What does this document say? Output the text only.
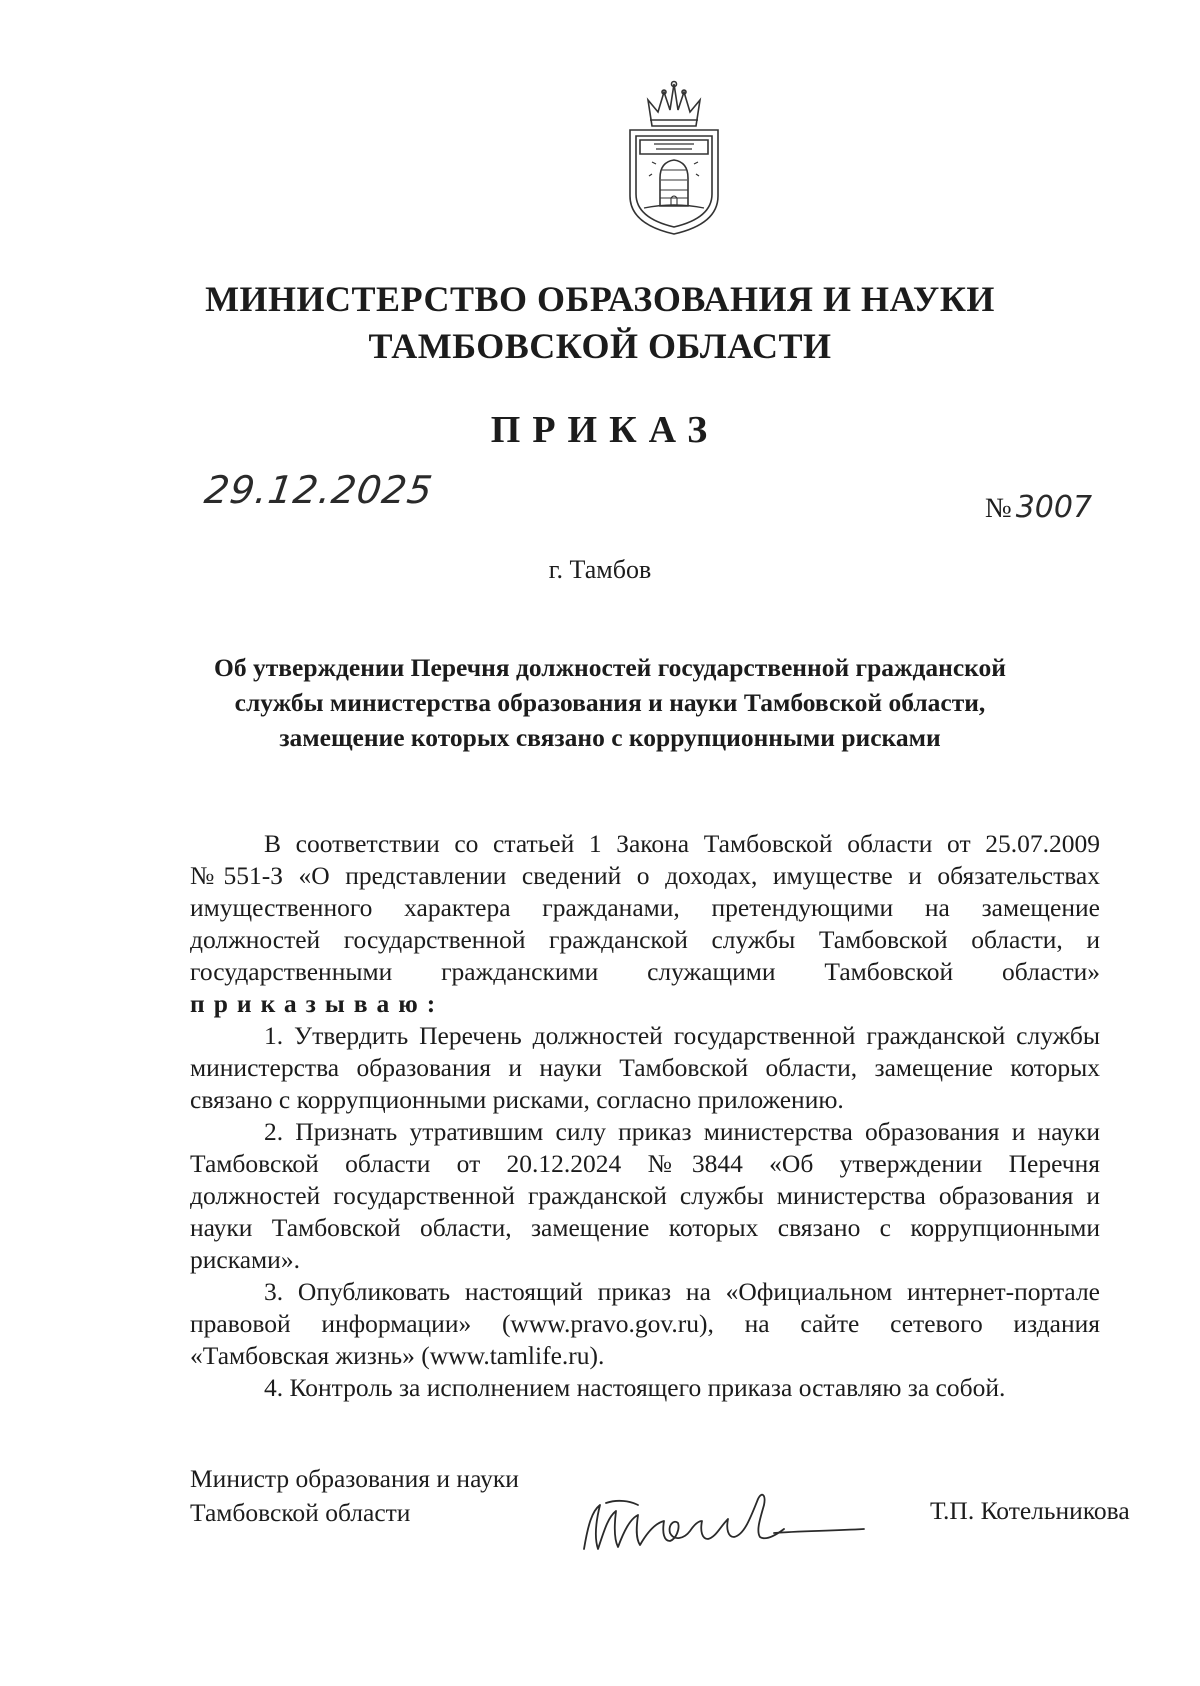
МИНИСТЕРСТВО ОБРАЗОВАНИЯ И НАУКИ
ТАМБОВСКОЙ ОБЛАСТИ
ПРИКАЗ
29.12.2025	№ 3007
г. Тамбов
Об утверждении Перечня должностей государственной гражданской
службы министерства образования и науки Тамбовской области,
замещение которых связано с коррупционными рисками
В соответствии со статьей 1 Закона Тамбовской области от 25.07.2009
№551-З «О представлении сведений о доходах, имуществе и обязательствах
имущественного характера гражданами, претендующими на замещение
должностей государственной гражданской службы Тамбовской области, и
государственными гражданскими служащими Тамбовской области»
приказываю:
1. Утвердить Перечень должностей государственной гражданской службы
министерства образования и науки Тамбовской области, замещение которых
связано с коррупционными рисками, согласно приложению.
2. Признать утратившим силу приказ министерства образования и науки
Тамбовской области от 20.12.2024 №3844 «Об утверждении Перечня
должностей государственной гражданской службы министерства образования и
науки Тамбовской области, замещение которых связано с коррупционными
рисками».
3. Опубликовать настоящий приказ на «Официальном интернет-портале
правовой информации» (www.pravo.gov.ru), на сайте сетевого издания
«Тамбовская жизнь» (www.tamlife.ru).
4. Контроль за исполнением настоящего приказа оставляю за собой.
Министр образования и науки
Тамбовской области	Т.П. Котельникова
